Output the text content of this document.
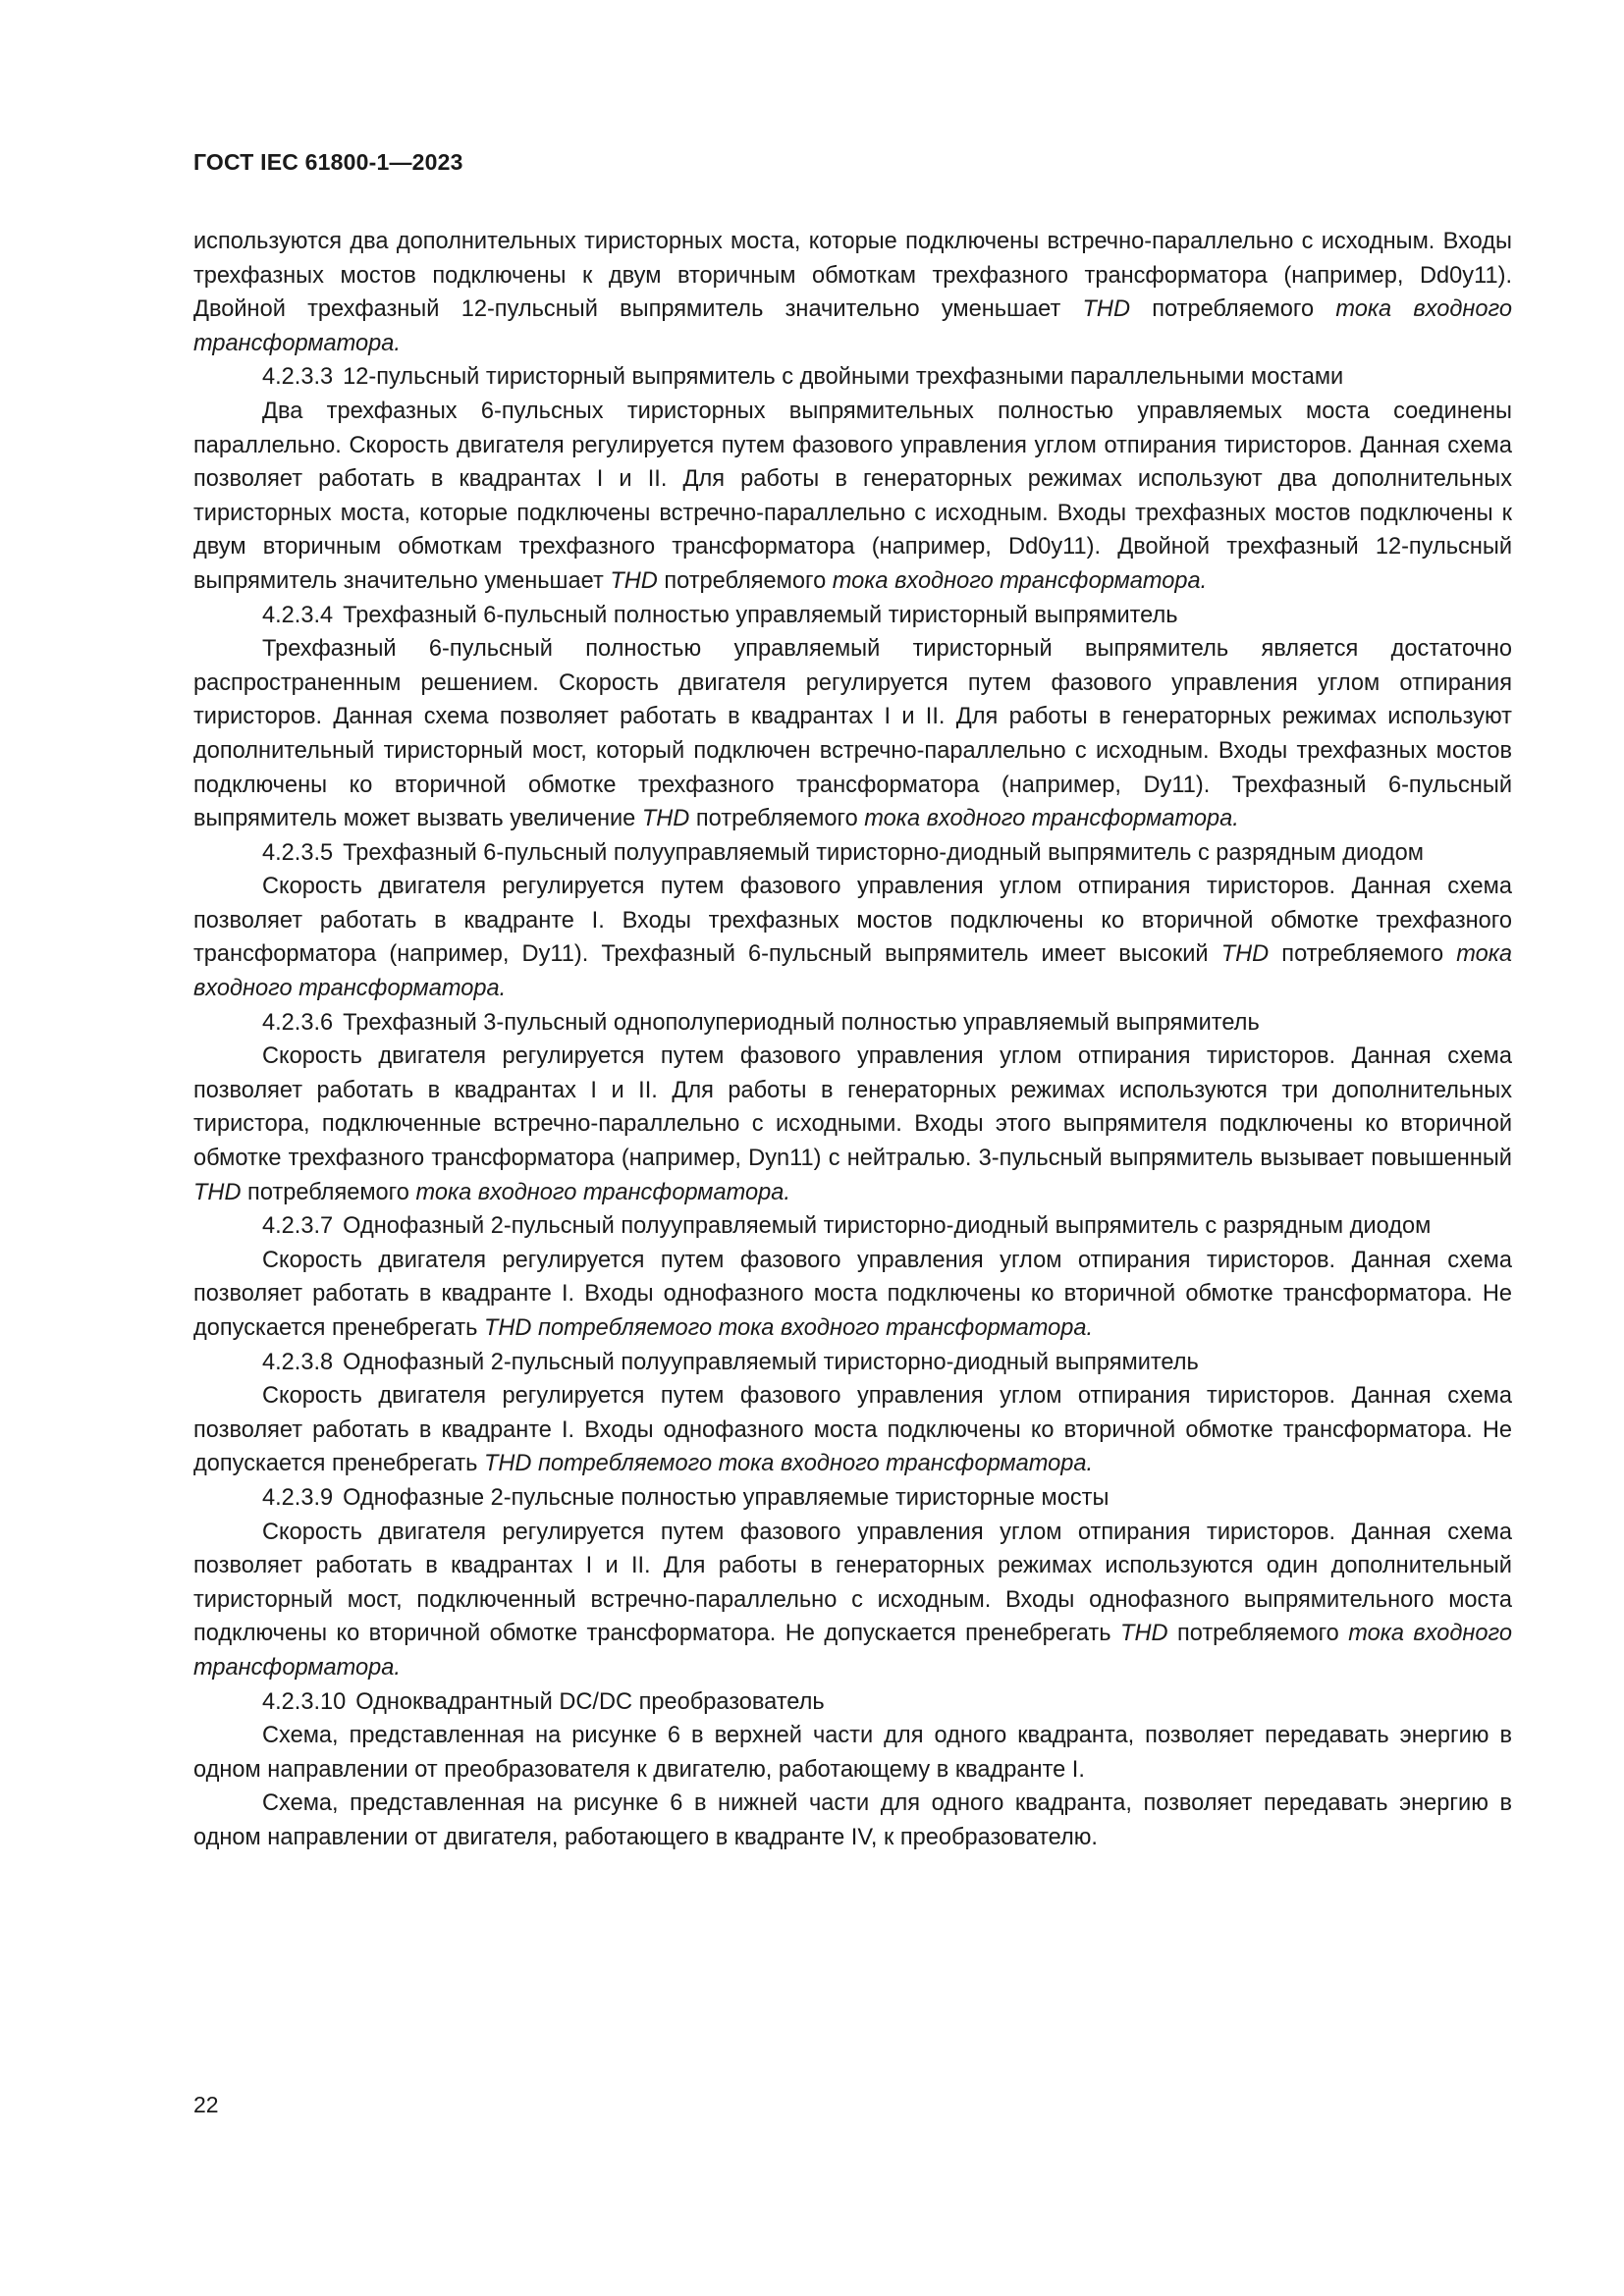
ГОСТ IEC 61800-1—2023

используются два дополнительных тиристорных моста, которые подключены встречно-параллельно с исходным. Входы трехфазных мостов подключены к двум вторичным обмоткам трехфазного трансформатора (например, Dd0y11). Двойной трехфазный 12-пульсный выпрямитель значительно уменьшает THD потребляемого тока входного трансформатора.

4.2.3.3 12-пульсный тиристорный выпрямитель с двойными трехфазными параллельными мостами

Два трехфазных 6-пульсных тиристорных выпрямительных полностью управляемых моста соединены параллельно. Скорость двигателя регулируется путем фазового управления углом отпирания тиристоров. Данная схема позволяет работать в квадрантах I и II. Для работы в генераторных режимах используют два дополнительных тиристорных моста, которые подключены встречно-параллельно с исходным. Входы трехфазных мостов подключены к двум вторичным обмоткам трехфазного трансформатора (например, Dd0y11). Двойной трехфазный 12-пульсный выпрямитель значительно уменьшает THD потребляемого тока входного трансформатора.

4.2.3.4 Трехфазный 6-пульсный полностью управляемый тиристорный выпрямитель

Трехфазный 6-пульсный полностью управляемый тиристорный выпрямитель является достаточно распространенным решением. Скорость двигателя регулируется путем фазового управления углом отпирания тиристоров. Данная схема позволяет работать в квадрантах I и II. Для работы в генераторных режимах используют дополнительный тиристорный мост, который подключен встречно-параллельно с исходным. Входы трехфазных мостов подключены ко вторичной обмотке трехфазного трансформатора (например, Dy11). Трехфазный 6-пульсный выпрямитель может вызвать увеличение THD потребляемого тока входного трансформатора.

4.2.3.5 Трехфазный 6-пульсный полууправляемый тиристорно-диодный выпрямитель с разрядным диодом

Скорость двигателя регулируется путем фазового управления углом отпирания тиристоров. Данная схема позволяет работать в квадранте I. Входы трехфазных мостов подключены ко вторичной обмотке трехфазного трансформатора (например, Dy11). Трехфазный 6-пульсный выпрямитель имеет высокий THD потребляемого тока входного трансформатора.

4.2.3.6 Трехфазный 3-пульсный однополупериодный полностью управляемый выпрямитель

Скорость двигателя регулируется путем фазового управления углом отпирания тиристоров. Данная схема позволяет работать в квадрантах I и II. Для работы в генераторных режимах используются три дополнительных тиристора, подключенные встречно-параллельно с исходными. Входы этого выпрямителя подключены ко вторичной обмотке трехфазного трансформатора (например, Dyn11) с нейтралью. 3-пульсный выпрямитель вызывает повышенный THD потребляемого тока входного трансформатора.

4.2.3.7 Однофазный 2-пульсный полууправляемый тиристорно-диодный выпрямитель с разрядным диодом

Скорость двигателя регулируется путем фазового управления углом отпирания тиристоров. Данная схема позволяет работать в квадранте I. Входы однофазного моста подключены ко вторичной обмотке трансформатора. Не допускается пренебрегать THD потребляемого тока входного трансформатора.

4.2.3.8 Однофазный 2-пульсный полууправляемый тиристорно-диодный выпрямитель

Скорость двигателя регулируется путем фазового управления углом отпирания тиристоров. Данная схема позволяет работать в квадранте I. Входы однофазного моста подключены ко вторичной обмотке трансформатора. Не допускается пренебрегать THD потребляемого тока входного трансформатора.

4.2.3.9 Однофазные 2-пульсные полностью управляемые тиристорные мосты

Скорость двигателя регулируется путем фазового управления углом отпирания тиристоров. Данная схема позволяет работать в квадрантах I и II. Для работы в генераторных режимах используются один дополнительный тиристорный мост, подключенный встречно-параллельно с исходным. Входы однофазного выпрямительного моста подключены ко вторичной обмотке трансформатора. Не допускается пренебрегать THD потребляемого тока входного трансформатора.

4.2.3.10 Одноквадрантный DC/DC преобразователь

Схема, представленная на рисунке 6 в верхней части для одного квадранта, позволяет передавать энергию в одном направлении от преобразователя к двигателю, работающему в квадранте I.

Схема, представленная на рисунке 6 в нижней части для одного квадранта, позволяет передавать энергию в одном направлении от двигателя, работающего в квадранте IV, к преобразователю.

22
